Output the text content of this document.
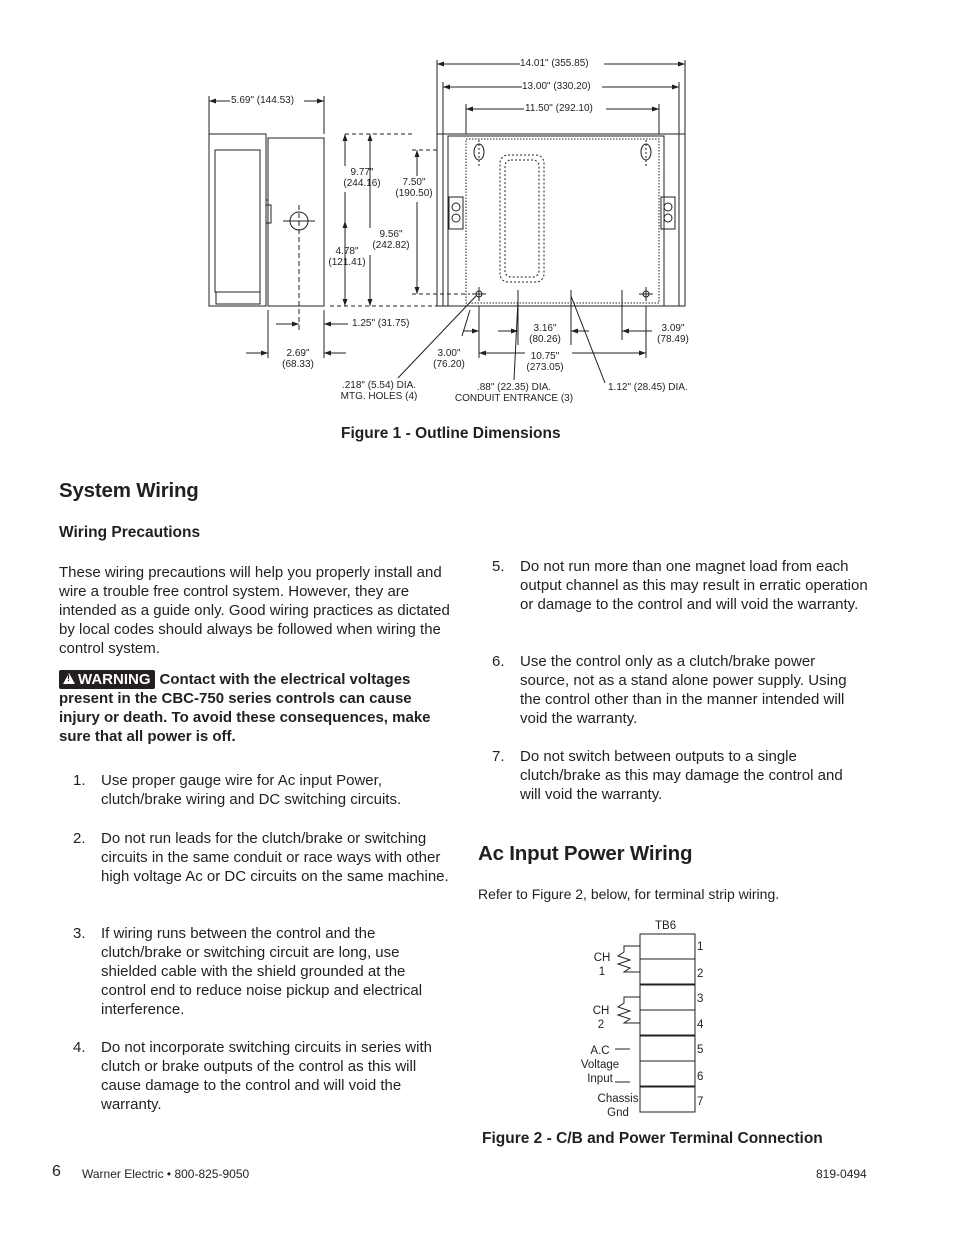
14.01" (355.85)
13.00" (330.20)
11.50" (292.10)
5.69" (144.53)
9.77"
(244.16)	7.50"
(190.50)
9.56"
(242.82)
4.78"
(121.41)
1.25" (31.75)
2.69"
(68.33)
3.00"
(76.20)
3.16"
(80.26)
10.75"
(273.05)
3.09"
(78.49)
.218" (5.54) DIA.
MTG. HOLES (4)
.88" (22.35) DIA.
CONDUIT ENTRANCE (3)
1.12" (28.45) DIA.
Figure 1 - Outline Dimensions
System Wiring
Wiring Precautions
These wiring precautions will help you properly install and wire a trouble free control system. However, they are intended as a guide only. Good wiring practices as dictated by local codes should always be followed when wiring the control system.
! WARNING Contact with the electrical voltages present in the CBC-750 series controls can cause injury or death. To avoid these consequences, make sure that all power is off.
1. Use proper gauge wire for Ac input Power, clutch/brake wiring and DC switching circuits.
2. Do not run leads for the clutch/brake or switching circuits in the same conduit or race ways with other high voltage Ac or DC circuits on the same machine.
3. If wiring runs between the control and the clutch/brake or switching circuit are long, use shielded cable with the shield grounded at the control end to reduce noise pickup and electrical interference.
4. Do not incorporate switching circuits in series with clutch or brake outputs of the control as this will cause damage to the control and will void the warranty.
5. Do not run more than one magnet load from each output channel as this may result in erratic operation or damage to the control and will void the warranty.
6. Use the control only as a clutch/brake power source, not as a stand alone power supply. Using the control other than in the manner intended will void the warranty.
7. Do not switch between outputs to a single clutch/brake as this may damage the control and will void the warranty.
Ac Input Power Wiring
Refer to Figure 2, below, for terminal strip wiring.
TB6
1
2
3
4
5
6
7
CH
1
CH
2
A.C
Voltage
Input
Chassis
Gnd
Figure 2 - C/B and Power Terminal Connection
6 Warner Electric • 800-825-9050	819-0494
